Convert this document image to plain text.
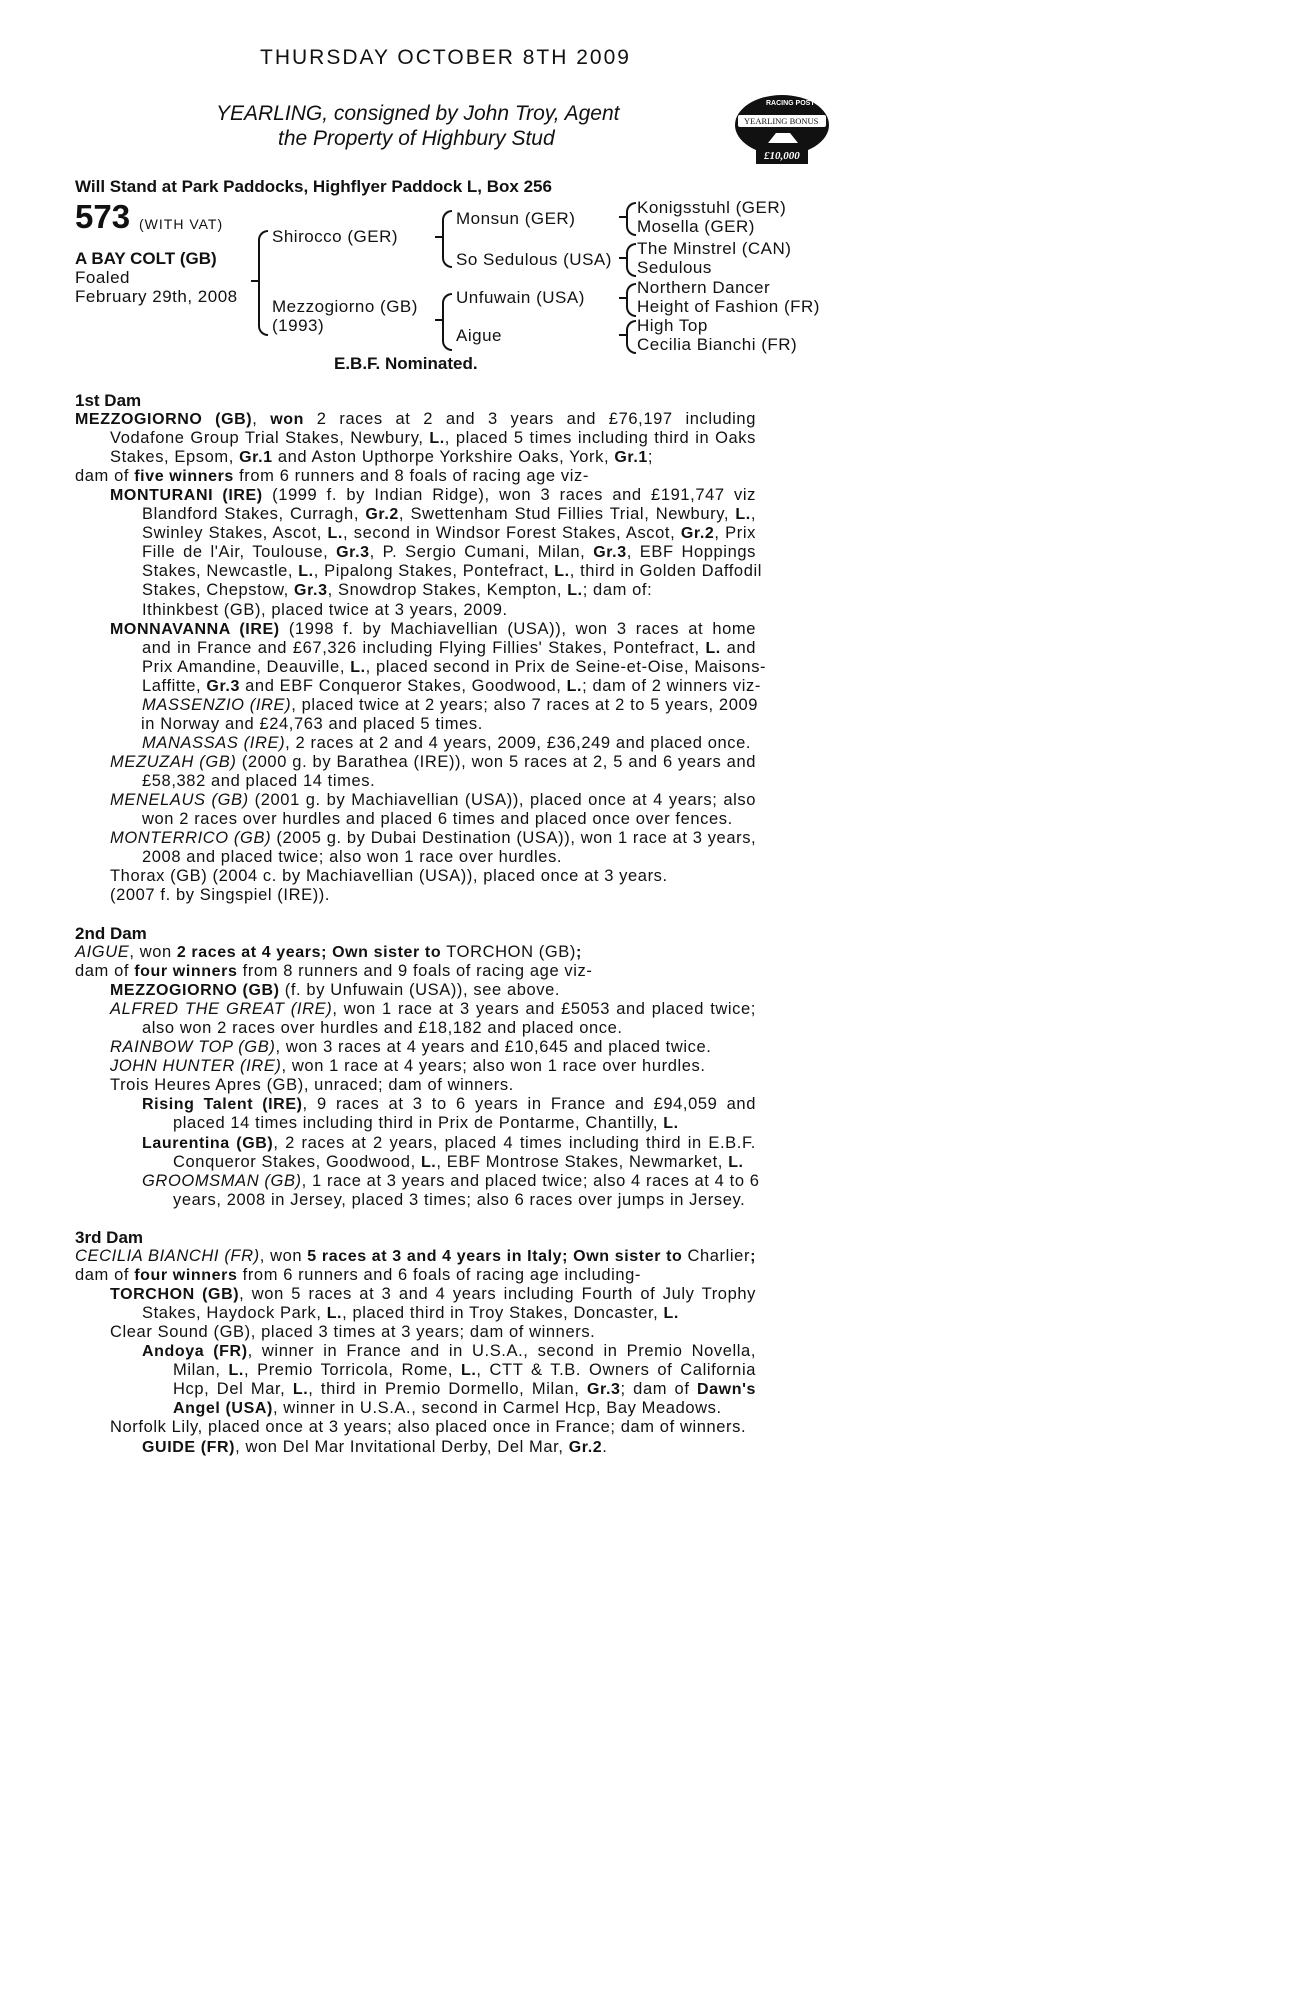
THURSDAY OCTOBER 8TH 2009
YEARLING, consigned by John Troy, Agent
the Property of Highbury Stud
RACING POST
YEARLING BONUS
£10,000
Will Stand at Park Paddocks, Highflyer Paddock L, Box 256
573 (WITH VAT)
A BAY COLT (GB)
Foaled
February 29th, 2008
Shirocco (GER)
Mezzogiorno (GB)
(1993)
Monsun (GER)
So Sedulous (USA)
Unfuwain (USA)
Aigue
Konigsstuhl (GER)
Mosella (GER)
The Minstrel (CAN)
Sedulous
Northern Dancer
Height of Fashion (FR)
High Top
Cecilia Bianchi (FR)
E.B.F. Nominated.
1st Dam
MEZZOGIORNO (GB), won 2 races at 2 and 3 years and £76,197 including
Vodafone Group Trial Stakes, Newbury, L., placed 5 times including third in Oaks
Stakes, Epsom, Gr.1 and Aston Upthorpe Yorkshire Oaks, York, Gr.1;
dam of five winners from 6 runners and 8 foals of racing age viz-
MONTURANI (IRE) (1999 f. by Indian Ridge), won 3 races and £191,747 viz
Blandford Stakes, Curragh, Gr.2, Swettenham Stud Fillies Trial, Newbury, L.,
Swinley Stakes, Ascot, L., second in Windsor Forest Stakes, Ascot, Gr.2, Prix
Fille de l'Air, Toulouse, Gr.3, P. Sergio Cumani, Milan, Gr.3, EBF Hoppings
Stakes, Newcastle, L., Pipalong Stakes, Pontefract, L., third in Golden Daffodil
Stakes, Chepstow, Gr.3, Snowdrop Stakes, Kempton, L.; dam of:
Ithinkbest (GB), placed twice at 3 years, 2009.
MONNAVANNA (IRE) (1998 f. by Machiavellian (USA)), won 3 races at home
and in France and £67,326 including Flying Fillies' Stakes, Pontefract, L. and
Prix Amandine, Deauville, L., placed second in Prix de Seine-et-Oise, Maisons-
Laffitte, Gr.3 and EBF Conqueror Stakes, Goodwood, L.; dam of 2 winners viz-
MASSENZIO (IRE), placed twice at 2 years; also 7 races at 2 to 5 years, 2009
in Norway and £24,763 and placed 5 times.
MANASSAS (IRE), 2 races at 2 and 4 years, 2009, £36,249 and placed once.
MEZUZAH (GB) (2000 g. by Barathea (IRE)), won 5 races at 2, 5 and 6 years and
£58,382 and placed 14 times.
MENELAUS (GB) (2001 g. by Machiavellian (USA)), placed once at 4 years; also
won 2 races over hurdles and placed 6 times and placed once over fences.
MONTERRICO (GB) (2005 g. by Dubai Destination (USA)), won 1 race at 3 years,
2008 and placed twice; also won 1 race over hurdles.
Thorax (GB) (2004 c. by Machiavellian (USA)), placed once at 3 years.
(2007 f. by Singspiel (IRE)).
2nd Dam
AIGUE, won 2 races at 4 years; Own sister to TORCHON (GB);
dam of four winners from 8 runners and 9 foals of racing age viz-
MEZZOGIORNO (GB) (f. by Unfuwain (USA)), see above.
ALFRED THE GREAT (IRE), won 1 race at 3 years and £5053 and placed twice;
also won 2 races over hurdles and £18,182 and placed once.
RAINBOW TOP (GB), won 3 races at 4 years and £10,645 and placed twice.
JOHN HUNTER (IRE), won 1 race at 4 years; also won 1 race over hurdles.
Trois Heures Apres (GB), unraced; dam of winners.
Rising Talent (IRE), 9 races at 3 to 6 years in France and £94,059 and
placed 14 times including third in Prix de Pontarme, Chantilly, L.
Laurentina (GB), 2 races at 2 years, placed 4 times including third in E.B.F.
Conqueror Stakes, Goodwood, L., EBF Montrose Stakes, Newmarket, L.
GROOMSMAN (GB), 1 race at 3 years and placed twice; also 4 races at 4 to 6
years, 2008 in Jersey, placed 3 times; also 6 races over jumps in Jersey.
3rd Dam
CECILIA BIANCHI (FR), won 5 races at 3 and 4 years in Italy; Own sister to Charlier;
dam of four winners from 6 runners and 6 foals of racing age including-
TORCHON (GB), won 5 races at 3 and 4 years including Fourth of July Trophy
Stakes, Haydock Park, L., placed third in Troy Stakes, Doncaster, L.
Clear Sound (GB), placed 3 times at 3 years; dam of winners.
Andoya (FR), winner in France and in U.S.A., second in Premio Novella,
Milan, L., Premio Torricola, Rome, L., CTT & T.B. Owners of California
Hcp, Del Mar, L., third in Premio Dormello, Milan, Gr.3; dam of Dawn's
Angel (USA), winner in U.S.A., second in Carmel Hcp, Bay Meadows.
Norfolk Lily, placed once at 3 years; also placed once in France; dam of winners.
GUIDE (FR), won Del Mar Invitational Derby, Del Mar, Gr.2.
